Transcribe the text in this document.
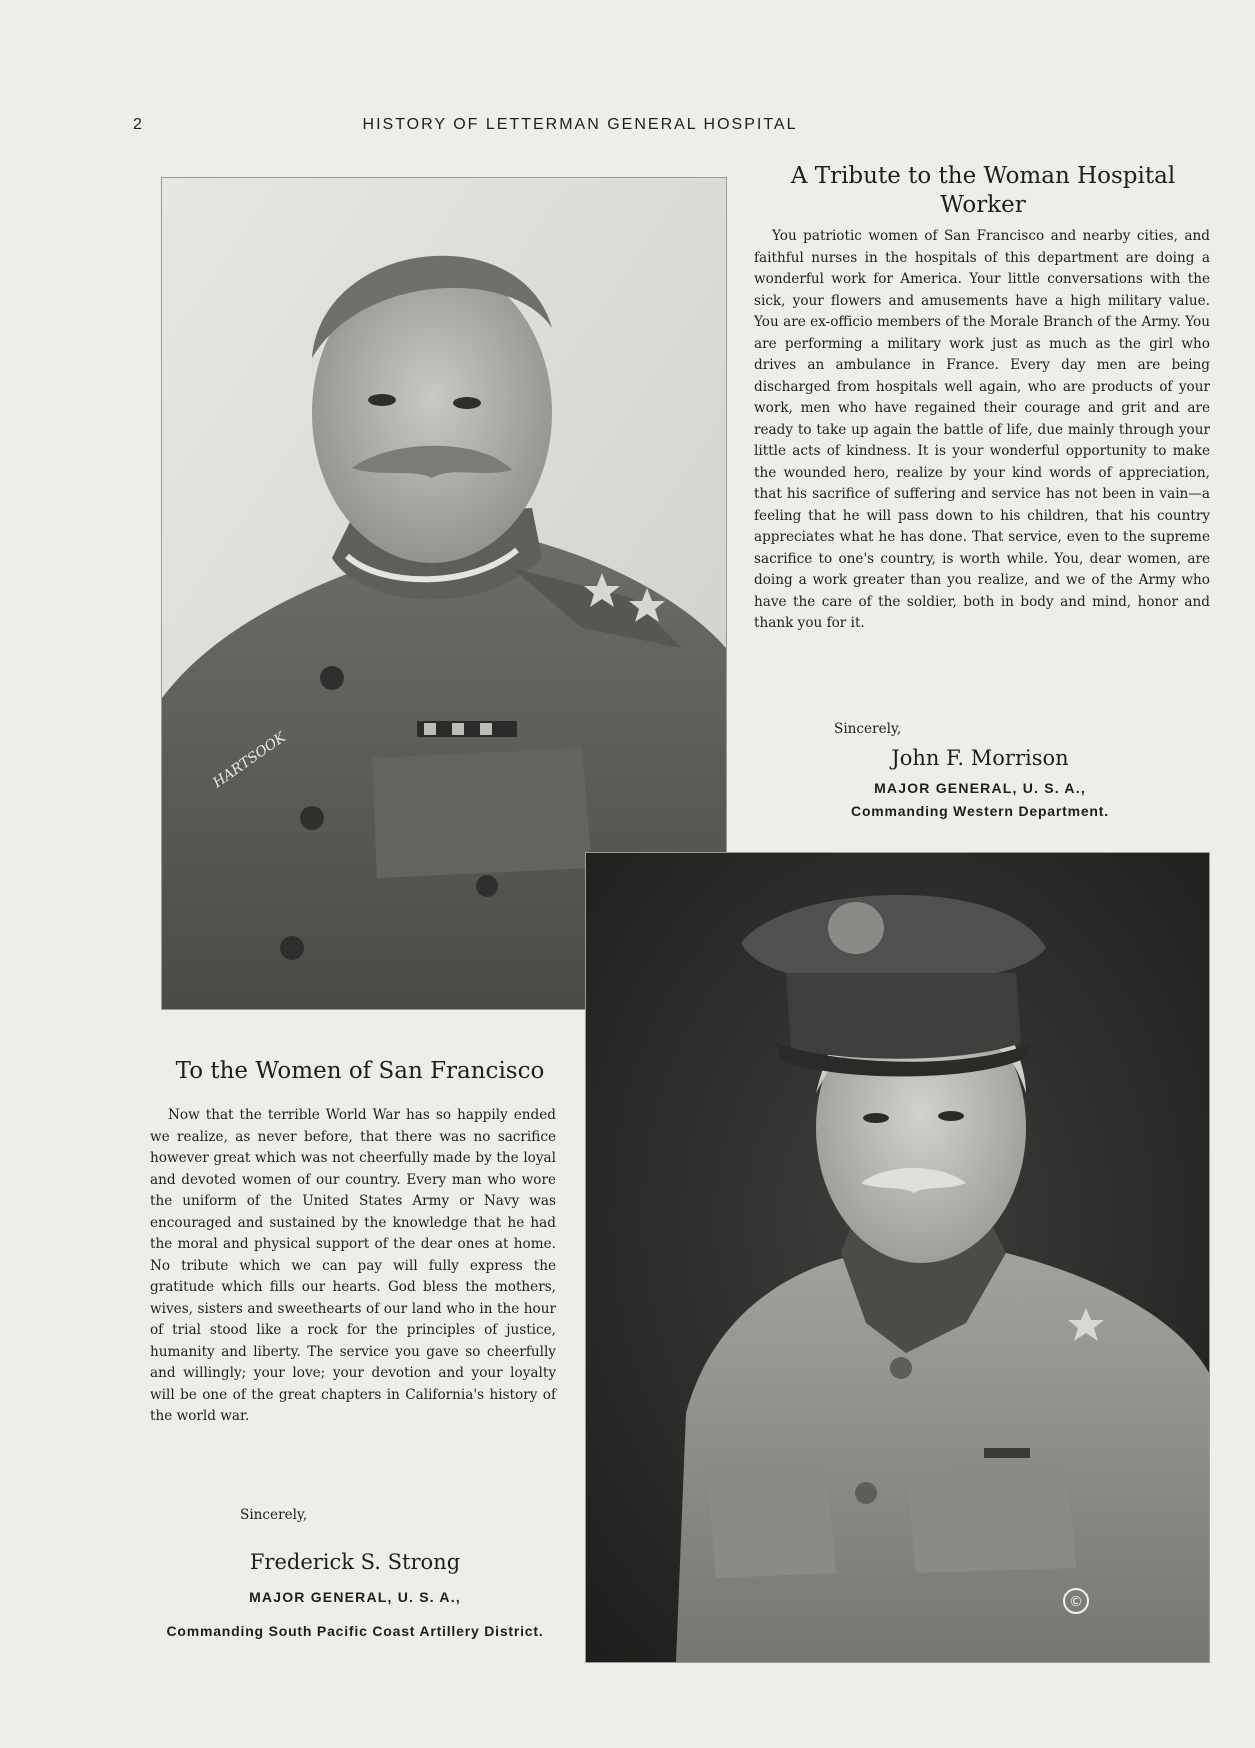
2	HISTORY OF LETTERMAN GENERAL HOSPITAL
HARTSOOK
A Tribute to the Woman Hospital Worker

You patriotic women of San Francisco and nearby cities, and faithful nurses in the hospitals of this department are doing a wonderful work for America. Your little conversations with the sick, your flowers and amusements have a high military value. You are ex-officio members of the Morale Branch of the Army. You are performing a military work just as much as the girl who drives an ambulance in France. Every day men are being discharged from hospitals well again, who are products of your work, men who have regained their courage and grit and are ready to take up again the battle of life, due mainly through your little acts of kindness. It is your wonderful opportunity to make the wounded hero, realize by your kind words of appreciation, that his sacrifice of suffering and service has not been in vain—a feeling that he will pass down to his children, that his country appreciates what he has done. That service, even to the supreme sacrifice to one's country, is worth while. You, dear women, are doing a work greater than you realize, and we of the Army who have the care of the soldier, both in body and mind, honor and thank you for it.

Sincerely,
John F. Morrison
MAJOR GENERAL, U. S. A.,
Commanding Western Department.
©
To the Women of San Francisco

Now that the terrible World War has so happily ended we realize, as never before, that there was no sacrifice however great which was not cheerfully made by the loyal and devoted women of our country. Every man who wore the uniform of the United States Army or Navy was encouraged and sustained by the knowledge that he had the moral and physical support of the dear ones at home. No tribute which we can pay will fully express the gratitude which fills our hearts. God bless the mothers, wives, sisters and sweethearts of our land who in the hour of trial stood like a rock for the principles of justice, humanity and liberty. The service you gave so cheerfully and willingly; your love; your devotion and your loyalty will be one of the great chapters in California's history of the world war.

Sincerely,
Frederick S. Strong
MAJOR GENERAL, U. S. A.,
Commanding South Pacific Coast Artillery District.
